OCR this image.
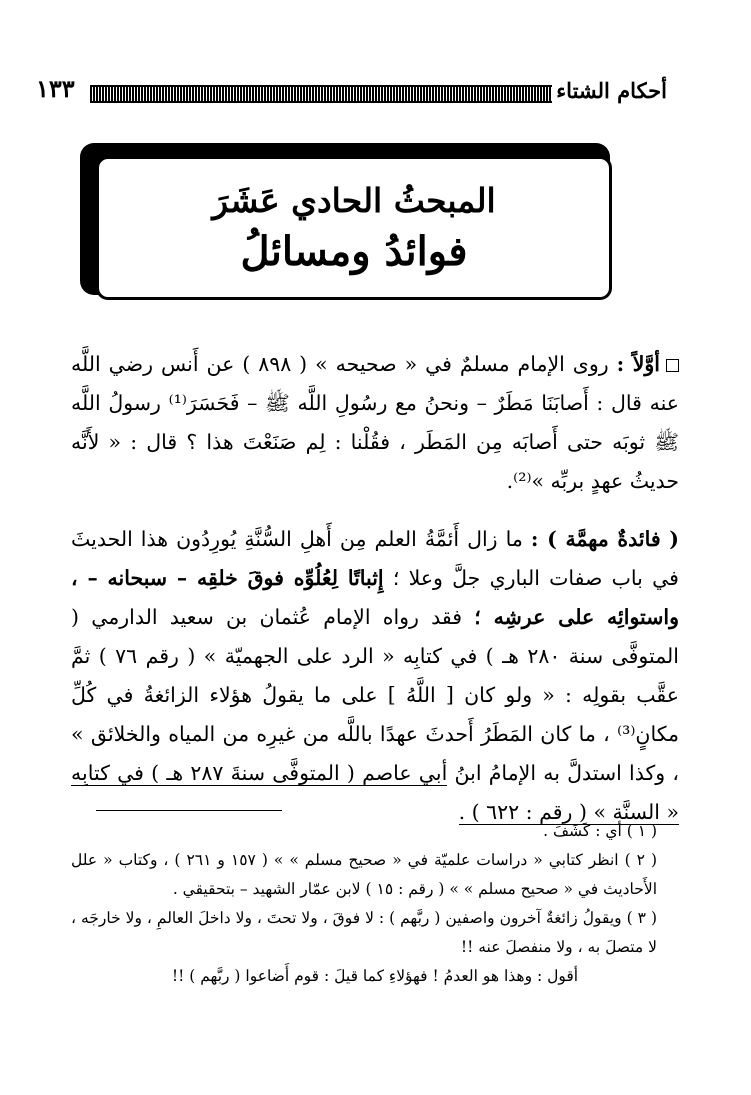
أحكام الشتاء
١٣٣
المبحثُ الحادي عَشَرَ
فوائدُ ومسائلُ
أوَّلاً : روى الإمام مسلمٌ في « صحيحه » ( ٨٩٨ ) عن أَنس رضي اللَّه عنه قال : أَصابَنَا مَطَرٌ – ونحنُ مع رسُولِ اللَّه ﷺ – فَحَسَرَ⁽¹⁾ رسولُ اللَّه ﷺ ثوبَه حتى أَصابَه مِن المَطَر ، فقُلْنا : لِم صَنَعْتَ هذا ؟ قال : « لأَنَّه حديثُ عهدٍ بربِّه »⁽²⁾.
( فائدةٌ مهمَّة ) : ما زال أَئمَّةُ العلم مِن أَهلِ السُّنَّةِ يُورِدُون هذا الحديثَ في باب صفات الباري جلَّ وعلا ؛ إِثباتًا لِعُلُوِّه فوقَ خلقِه – سبحانه – ، واستوائِه على عرشِه ؛ فقد رواه الإمام عُثمان بن سعيد الدارمي ( المتوفَّى سنة ٢٨٠ هـ ) في كتابِه « الرد على الجهميّة » ( رقم ٧٦ ) ثمَّ عقَّب بقولِه : « ولو كان [ اللَّهُ ] على ما يقولُ هؤلاء الزائغةُ في كُلِّ مكانٍ⁽³⁾ ، ما كان المَطَرُ أَحدثَ عهدًا باللَّه من غيرِه من المياه والخلائق » ، وكذا استدلَّ به الإمامُ ابنُ أبي عاصم ( المتوفَّى سنةَ ٢٨٧ هـ ) في كتابِه « السنَّة » ( رقم : ٦٢٢ ) .

( ١ ) أي : كَشَفَ .

( ٢ ) انظر كتابي « دراسات علميّة في « صحيح مسلم » » ( ١٥٧ و ٢٦١ ) ، وكتاب « علل الأَحاديث في « صحيح مسلم » » ( رقم : ١٥ ) لابن عمّار الشهيد – بتحقيقي .

( ٣ ) ويقولُ زائغةٌ آخرون واصفين ( ربَّهم ) : لا فوقَ ، ولا تحتَ ، ولا داخلَ العالمِ ، ولا خارجَه ، لا متصلَ به ، ولا منفصلَ عنه !!

أقول : وهذا هو العدمُ ! فهؤلاءِ كما قيلَ : قوم أَضاعوا ( ربَّهم ) !!
